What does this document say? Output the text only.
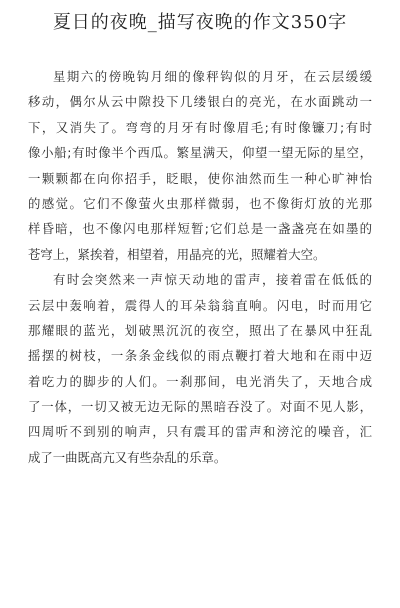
夏日的夜晚_描写夜晚的作文350字
星期六的傍晚钩月细的像秤钩似的月牙，在云层缓缓
移动，偶尔从云中隙投下几缕银白的亮光，在水面跳动一
下，又消失了。弯弯的月牙有时像眉毛;有时像镰刀;有时
像小船;有时像半个西瓜。繁星满天，仰望一望无际的星空，
一颗颗都在向你招手，眨眼，使你油然而生一种心旷神怡
的感觉。它们不像萤火虫那样微弱，也不像街灯放的光那
样昏暗，也不像闪电那样短暂;它们总是一盏盏亮在如墨的
苍穹上，紧挨着，相望着，用晶亮的光，照耀着大空。
有时会突然来一声惊天动地的雷声，接着雷在低低的
云层中轰响着，震得人的耳朵翁翁直响。闪电，时而用它
那耀眼的蓝光，划破黑沉沉的夜空，照出了在暴风中狂乱
摇摆的树枝，一条条金线似的雨点鞭打着大地和在雨中迈
着吃力的脚步的人们。一刹那间，电光消失了，天地合成
了一体，一切又被无边无际的黑暗吞没了。对面不见人影，
四周听不到别的响声，只有震耳的雷声和滂沱的噪音，汇
成了一曲既高亢又有些杂乱的乐章。
